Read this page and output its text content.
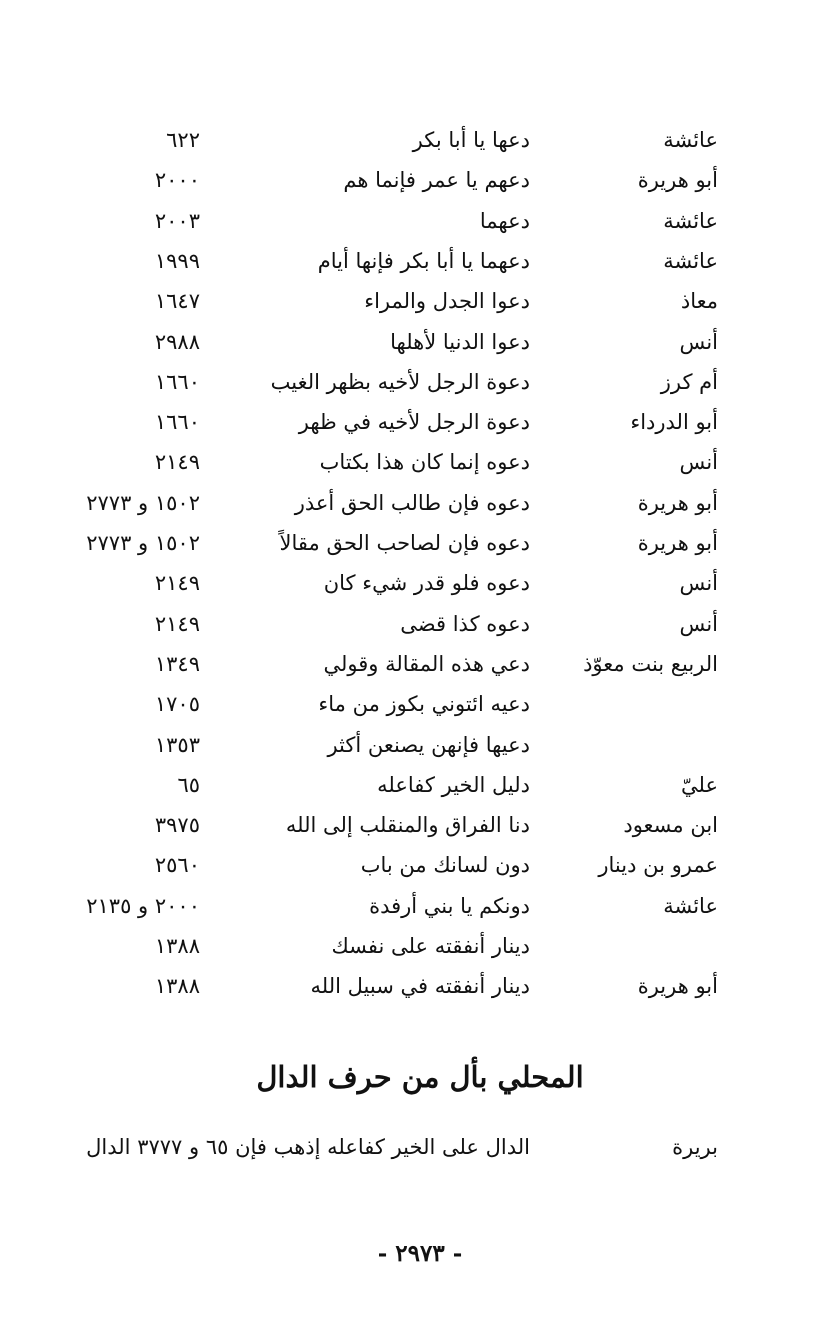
عائشة
دعها يا أبا بكر
٦٢٢
أبو هريرة
دعهم يا عمر فإنما هم
٢٠٠٠
عائشة
دعهما
٢٠٠٣
عائشة
دعهما يا أبا بكر فإنها أيام
١٩٩٩
معاذ
دعوا الجدل والمراء
١٦٤٧
أنس
دعوا الدنيا لأهلها
٢٩٨٨
أم كرز
دعوة الرجل لأخيه بظهر الغيب
١٦٦٠
أبو الدرداء
دعوة الرجل لأخيه في ظهر
١٦٦٠
أنس
دعوه إنما كان هذا بكتاب
٢١٤٩
أبو هريرة
دعوه فإن طالب الحق أعذر
١٥٠٢ و ٢٧٧٣
أبو هريرة
دعوه فإن لصاحب الحق مقالاً
١٥٠٢ و ٢٧٧٣
أنس
دعوه فلو قدر شيء كان
٢١٤٩
أنس
دعوه كذا قضى
٢١٤٩
الربيع بنت معوّذ
دعي هذه المقالة وقولي
١٣٤٩
دعيه ائتوني بكوز من ماء
١٧٠٥
دعيها فإنهن يصنعن أكثر
١٣٥٣
عليّ
دليل الخير كفاعله
٦٥
ابن مسعود
دنا الفراق والمنقلب إلى الله
٣٩٧٥
عمرو بن دينار
دون لسانك من باب
٢٥٦٠
عائشة
دونكم يا بني أرفدة
٢٠٠٠ و ٢١٣٥
دينار أنفقته على نفسك
١٣٨٨
أبو هريرة
دينار أنفقته في سبيل الله
١٣٨٨
المحلي بأل من حرف الدال
بريرة
الدال على الخير كفاعله إذهب فإن ٦٥ و ٣٧٧٧ الدال
- ٢٩٧٣ -
